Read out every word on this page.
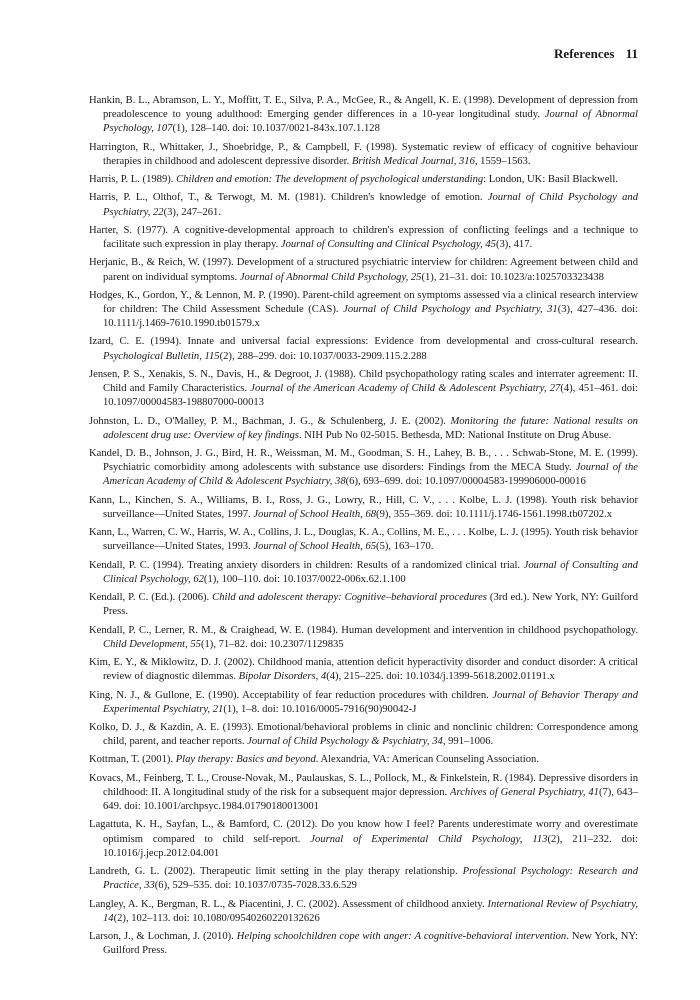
References 11

Hankin, B. L., Abramson, L. Y., Moffitt, T. E., Silva, P. A., McGee, R., & Angell, K. E. (1998). Development of depression from preadolescence to young adulthood: Emerging gender differences in a 10-year longitudinal study. Journal of Abnormal Psychology, 107(1), 128–140. doi: 10.1037/0021-843x.107.1.128

Harrington, R., Whittaker, J., Shoebridge, P., & Campbell, F. (1998). Systematic review of efficacy of cognitive behaviour therapies in childhood and adolescent depressive disorder. British Medical Journal, 316, 1559–1563.

Harris, P. L. (1989). Children and emotion: The development of psychological understanding: London, UK: Basil Blackwell.

Harris, P. L., Olthof, T., & Terwogt, M. M. (1981). Children's knowledge of emotion. Journal of Child Psychology and Psychiatry, 22(3), 247–261.

Harter, S. (1977). A cognitive-developmental approach to children's expression of conflicting feelings and a technique to facilitate such expression in play therapy. Journal of Consulting and Clinical Psychology, 45(3), 417.

Herjanic, B., & Reich, W. (1997). Development of a structured psychiatric interview for children: Agreement between child and parent on individual symptoms. Journal of Abnormal Child Psychology, 25(1), 21–31. doi: 10.1023/a:1025703323438

Hodges, K., Gordon, Y., & Lennon, M. P. (1990). Parent-child agreement on symptoms assessed via a clinical research interview for children: The Child Assessment Schedule (CAS). Journal of Child Psychology and Psychiatry, 31(3), 427–436. doi: 10.1111/j.1469-7610.1990.tb01579.x

Izard, C. E. (1994). Innate and universal facial expressions: Evidence from developmental and cross-cultural research. Psychological Bulletin, 115(2), 288–299. doi: 10.1037/0033-2909.115.2.288

Jensen, P. S., Xenakis, S. N., Davis, H., & Degroot, J. (1988). Child psychopathology rating scales and interrater agreement: II. Child and Family Characteristics. Journal of the American Academy of Child & Adolescent Psychiatry, 27(4), 451–461. doi: 10.1097/00004583-198807000-00013

Johnston, L. D., O'Malley, P. M., Bachman, J. G., & Schulenberg, J. E. (2002). Monitoring the future: National results on adolescent drug use: Overview of key findings. NIH Pub No 02-5015. Bethesda, MD: National Institute on Drug Abuse.

Kandel, D. B., Johnson, J. G., Bird, H. R., Weissman, M. M., Goodman, S. H., Lahey, B. B., . . . Schwab-Stone, M. E. (1999). Psychiatric comorbidity among adolescents with substance use disorders: Findings from the MECA Study. Journal of the American Academy of Child & Adolescent Psychiatry, 38(6), 693–699. doi: 10.1097/00004583-199906000-00016

Kann, L., Kinchen, S. A., Williams, B. I., Ross, J. G., Lowry, R., Hill, C. V., . . . Kolbe, L. J. (1998). Youth risk behavior surveillance—United States, 1997. Journal of School Health, 68(9), 355–369. doi: 10.1111/j.1746-1561.1998.tb07202.x

Kann, L., Warren, C. W., Harris, W. A., Collins, J. L., Douglas, K. A., Collins, M. E., . . . Kolbe, L. J. (1995). Youth risk behavior surveillance—United States, 1993. Journal of School Health, 65(5), 163–170.

Kendall, P. C. (1994). Treating anxiety disorders in children: Results of a randomized clinical trial. Journal of Consulting and Clinical Psychology, 62(1), 100–110. doi: 10.1037/0022-006x.62.1.100

Kendall, P. C. (Ed.). (2006). Child and adolescent therapy: Cognitive–behavioral procedures (3rd ed.). New York, NY: Guilford Press.

Kendall, P. C., Lerner, R. M., & Craighead, W. E. (1984). Human development and intervention in childhood psychopathology. Child Development, 55(1), 71–82. doi: 10.2307/1129835

Kim, E. Y., & Miklowitz, D. J. (2002). Childhood mania, attention deficit hyperactivity disorder and conduct disorder: A critical review of diagnostic dilemmas. Bipolar Disorders, 4(4), 215–225. doi: 10.1034/j.1399-5618.2002.01191.x

King, N. J., & Gullone, E. (1990). Acceptability of fear reduction procedures with children. Journal of Behavior Therapy and Experimental Psychiatry, 21(1), 1–8. doi: 10.1016/0005-7916(90)90042-J

Kolko, D. J., & Kazdin, A. E. (1993). Emotional/behavioral problems in clinic and nonclinic children: Correspondence among child, parent, and teacher reports. Journal of Child Psychology & Psychiatry, 34, 991–1006.

Kottman, T. (2001). Play therapy: Basics and beyond. Alexandria, VA: American Counseling Association.

Kovacs, M., Feinberg, T. L., Crouse-Novak, M., Paulauskas, S. L., Pollock, M., & Finkelstein, R. (1984). Depressive disorders in childhood: II. A longitudinal study of the risk for a subsequent major depression. Archives of General Psychiatry, 41(7), 643–649. doi: 10.1001/archpsyc.1984.01790180013001

Lagattuta, K. H., Sayfan, L., & Bamford, C. (2012). Do you know how I feel? Parents underestimate worry and overestimate optimism compared to child self-report. Journal of Experimental Child Psychology, 113(2), 211–232. doi: 10.1016/j.jecp.2012.04.001

Landreth, G. L. (2002). Therapeutic limit setting in the play therapy relationship. Professional Psychology: Research and Practice, 33(6), 529–535. doi: 10.1037/0735-7028.33.6.529

Langley, A. K., Bergman, R. L., & Piacentini, J. C. (2002). Assessment of childhood anxiety. International Review of Psychiatry, 14(2), 102–113. doi: 10.1080/09540260220132626

Larson, J., & Lochman, J. (2010). Helping schoolchildren cope with anger: A cognitive-behavioral intervention. New York, NY: Guilford Press.
